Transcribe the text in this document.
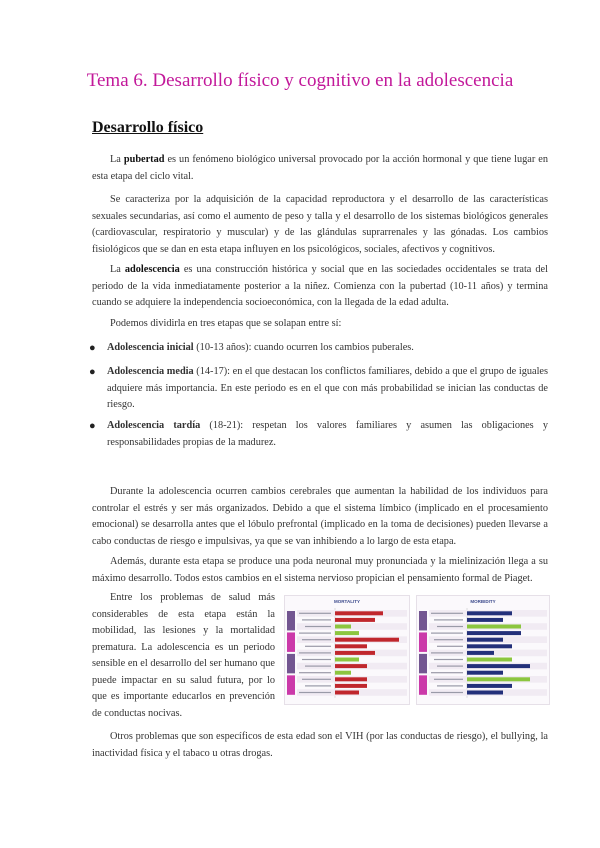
Tema 6. Desarrollo físico y cognitivo en la adolescencia
Desarrollo físico

La pubertad es un fenómeno biológico universal provocado por la acción hormonal y que tiene lugar en esta etapa del ciclo vital.

Se caracteriza por la adquisición de la capacidad reproductora y el desarrollo de las características sexuales secundarias, así como el aumento de peso y talla y el desarrollo de los sistemas biológicos generales (cardiovascular, respiratorio y muscular) y de las glándulas suprarrenales y las gónadas. Los cambios fisiológicos que se dan en esta etapa influyen en los psicológicos, sociales, afectivos y cognitivos.

La adolescencia es una construcción histórica y social que en las sociedades occidentales se trata del periodo de la vida inmediatamente posterior a la niñez. Comienza con la pubertad (10-11 años) y termina cuando se adquiere la independencia socioeconómica, con la llegada de la edad adulta.

Podemos dividirla en tres etapas que se solapan entre sí:

● Adolescencia inicial (10-13 años): cuando ocurren los cambios puberales.

● Adolescencia media (14-17): en el que destacan los conflictos familiares, debido a que el grupo de iguales adquiere más importancia. En este periodo es en el que con más probabilidad se inician las conductas de riesgo.

● Adolescencia tardía (18-21): respetan los valores familiares y asumen las obligaciones y responsabilidades propias de la madurez.

Durante la adolescencia ocurren cambios cerebrales que aumentan la habilidad de los individuos para controlar el estrés y ser más organizados. Debido a que el sistema límbico (implicado en el procesamiento emocional) se desarrolla antes que el lóbulo prefrontal (implicado en la toma de decisiones) pueden llevarse a cabo conductas de riesgo e impulsivas, ya que se van inhibiendo a lo largo de esta etapa.

Además, durante esta etapa se produce una poda neuronal muy pronunciada y la mielinización llega a su máximo desarrollo. Todos estos cambios en el sistema nervioso propician el pensamiento formal de Piaget.

Entre los problemas de salud más considerables de esta etapa están la mobilidad, las lesiones y la mortalidad prematura. La adolescencia es un periodo sensible en el desarrollo del ser humano que puede impactar en su salud futura, por lo que es importante educarlos en prevención de conductas nocivas.

MORTALITY	MORBIDITY

Otros problemas que son específicos de esta edad son el VIH (por las conductas de riesgo), el bullying, la inactividad física y el tabaco u otras drogas.
